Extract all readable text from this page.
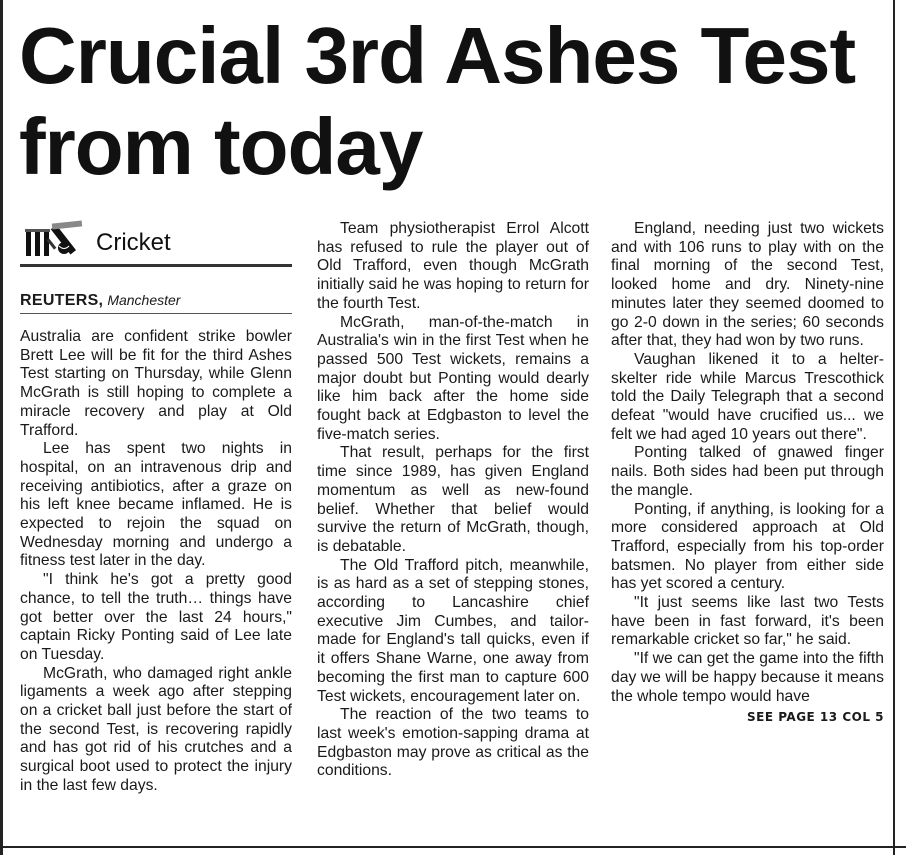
Crucial 3rd Ashes Test
from today
Cricket
REUTERS, Manchester

Australia are confident strike bowler Brett Lee will be fit for the third Ashes Test starting on Thursday, while Glenn McGrath is still hoping to complete a miracle recovery and play at Old Trafford.

Lee has spent two nights in hospital, on an intravenous drip and receiving antibiotics, after a graze on his left knee became inflamed. He is expected to rejoin the squad on Wednesday morning and undergo a fitness test later in the day.

"I think he's got a pretty good chance, to tell the truth… things have got better over the last 24 hours," captain Ricky Ponting said of Lee late on Tuesday.

McGrath, who damaged right ankle ligaments a week ago after stepping on a cricket ball just before the start of the second Test, is recovering rapidly and has got rid of his crutches and a surgical boot used to protect the injury in the last few days.

Team physiotherapist Errol Alcott has refused to rule the player out of Old Trafford, even though McGrath initially said he was hoping to return for the fourth Test.

McGrath, man-of-the-match in Australia's win in the first Test when he passed 500 Test wickets, remains a major doubt but Ponting would dearly like him back after the home side fought back at Edgbaston to level the five-match series.

That result, perhaps for the first time since 1989, has given England momentum as well as new-found belief. Whether that belief would survive the return of McGrath, though, is debatable.

The Old Trafford pitch, meanwhile, is as hard as a set of stepping stones, according to Lancashire chief executive Jim Cumbes, and tailor-made for England's tall quicks, even if it offers Shane Warne, one away from becoming the first man to capture 600 Test wickets, encouragement later on.

The reaction of the two teams to last week's emotion-sapping drama at Edgbaston may prove as critical as the conditions.

England, needing just two wickets and with 106 runs to play with on the final morning of the second Test, looked home and dry. Ninety-nine minutes later they seemed doomed to go 2-0 down in the series; 60 seconds after that, they had won by two runs.

Vaughan likened it to a helter-skelter ride while Marcus Trescothick told the Daily Telegraph that a second defeat "would have crucified us... we felt we had aged 10 years out there".

Ponting talked of gnawed finger nails. Both sides had been put through the mangle.

Ponting, if anything, is looking for a more considered approach at Old Trafford, especially from his top-order batsmen. No player from either side has yet scored a century.

"It just seems like last two Tests have been in fast forward, it's been remarkable cricket so far," he said.

"If we can get the game into the fifth day we will be happy because it means the whole tempo would have

SEE PAGE 13 COL 5
